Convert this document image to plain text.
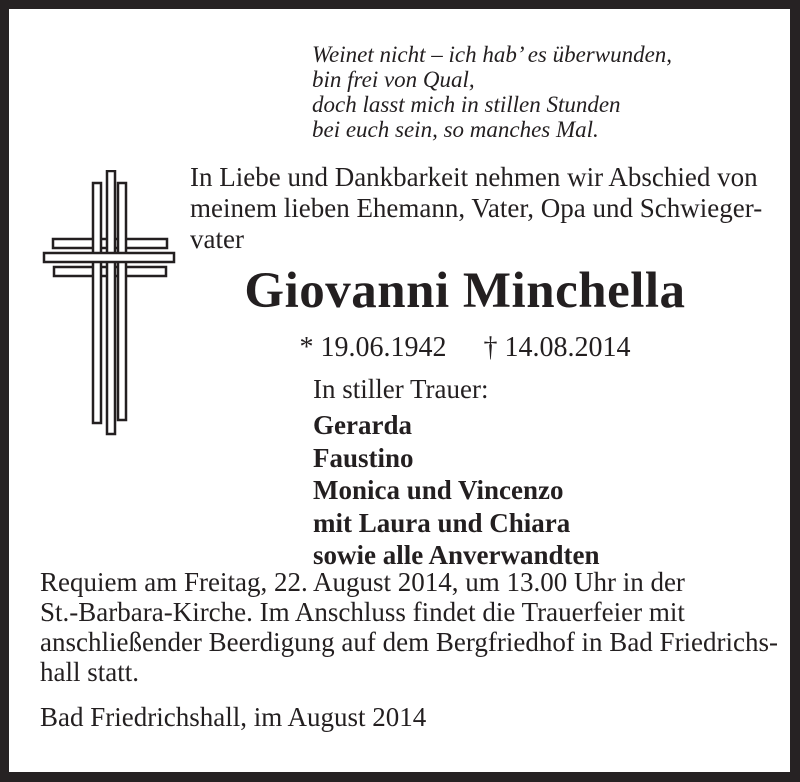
Weinet nicht – ich hab’ es überwunden,
bin frei von Qual,
doch lasst mich in stillen Stunden
bei euch sein, so manches Mal.
In Liebe und Dankbarkeit nehmen wir Abschied von
meinem lieben Ehemann, Vater, Opa und Schwieger-
vater
Giovanni Minchella
* 19.06.1942 † 14.08.2014
In stiller Trauer:
Gerarda
Faustino
Monica und Vincenzo
mit Laura und Chiara
sowie alle Anverwandten
Requiem am Freitag, 22. August 2014, um 13.00 Uhr in der
St.-Barbara-Kirche. Im Anschluss findet die Trauerfeier mit
anschließender Beerdigung auf dem Bergfriedhof in Bad Friedrichs-
hall statt.
Bad Friedrichshall, im August 2014
